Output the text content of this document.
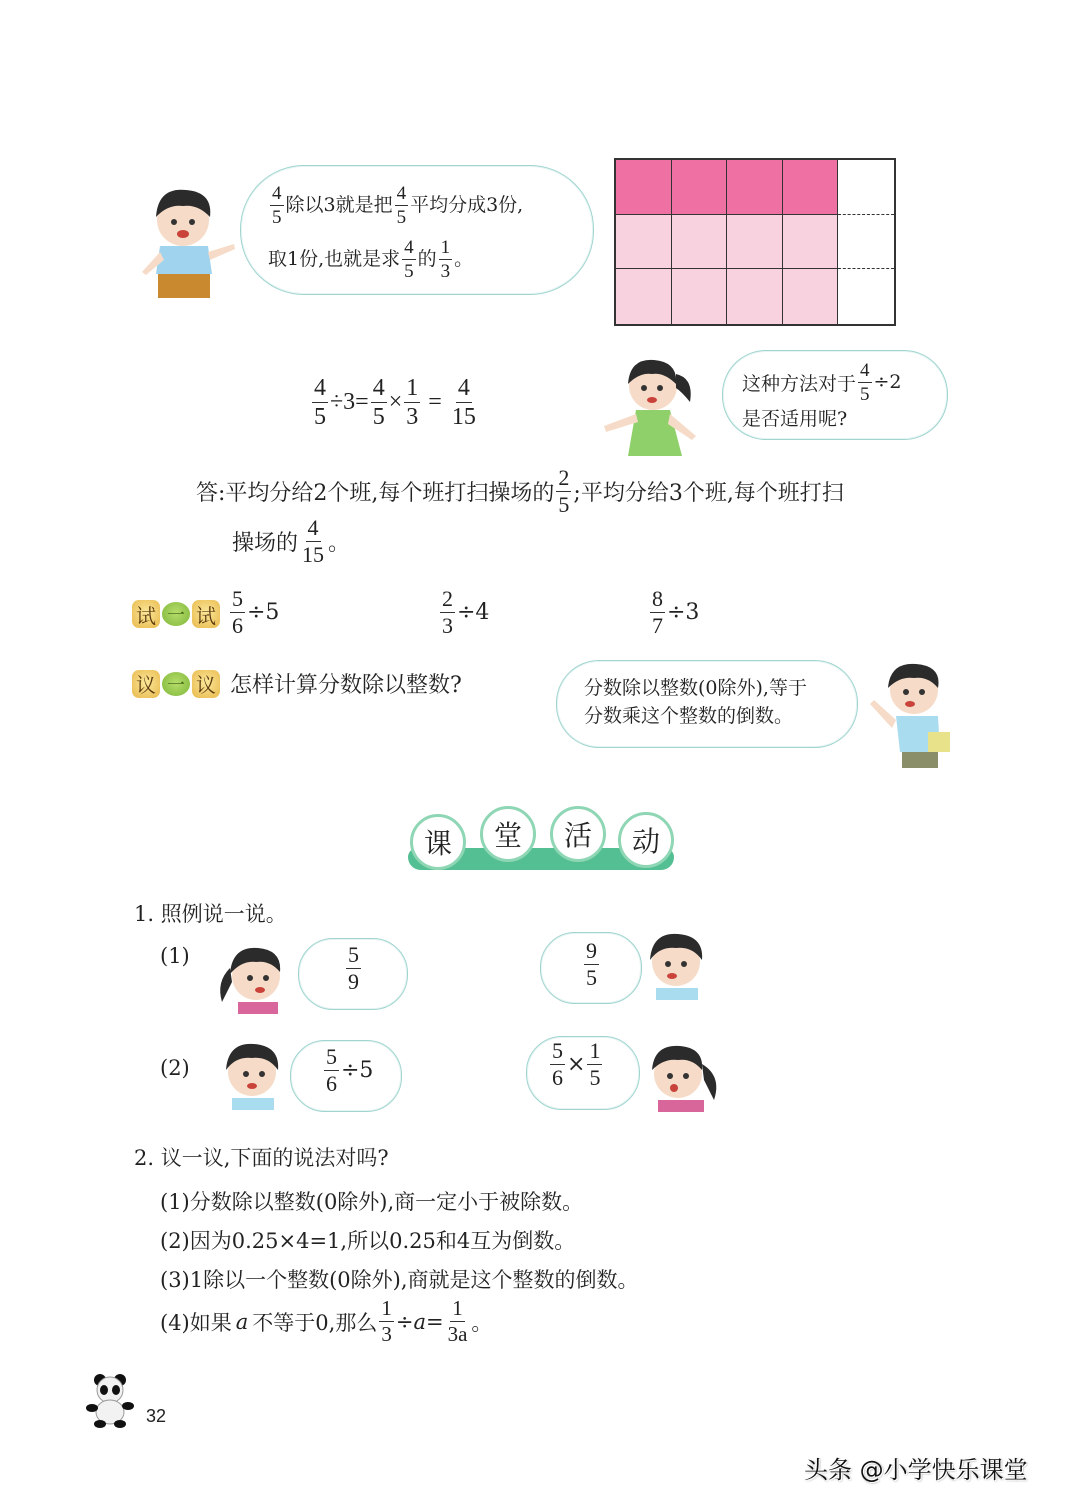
$\frac{4}{5}$ 除以3就是把 $\frac{4}{5}$ 平均分成3份,
取1份,也就是求 $\frac{4}{5}$ 的 $\frac{1}{3}$ 。
$\frac{4}{5} \div 3= \frac{4}{5} \times \frac{1}{3} = \frac{4}{15}$	这种方法对于 $\frac{4}{5} \div 2$
是否适用呢?
答:平均分给2个班,每个班打扫操场的 $\frac{2}{5}$ ;平均分给3个班,每个班打扫
操场的 $\frac{4}{15}$ 。
试 一 试 $\frac{5}{6} \div 5$	$\frac{2}{3} \div 4$	$\frac{8}{7} \div 3$
议 一 议 怎样计算分数除以整数?	分数除以整数(0除外),等于
分数乘这个整数的倒数。
课	堂	活	动
1. 照例说一说。
(1)	$\frac{5}{9}$	$\frac{9}{5}$
(2)	$\frac{5}{6} \div 5$	$\frac{5}{6} \times \frac{1}{5}$
2. 议一议,下面的说法对吗?
(1)分数除以整数(0除外),商一定小于被除数。
(2)因为0.25×4=1,所以0.25和4互为倒数。
(3)1除以一个整数(0除外),商就是这个整数的倒数。
(4)如果 a 不等于0,那么 $\frac{1}{3} \div a = \frac{1}{3a}$ 。
32
头条 @小学快乐课堂
